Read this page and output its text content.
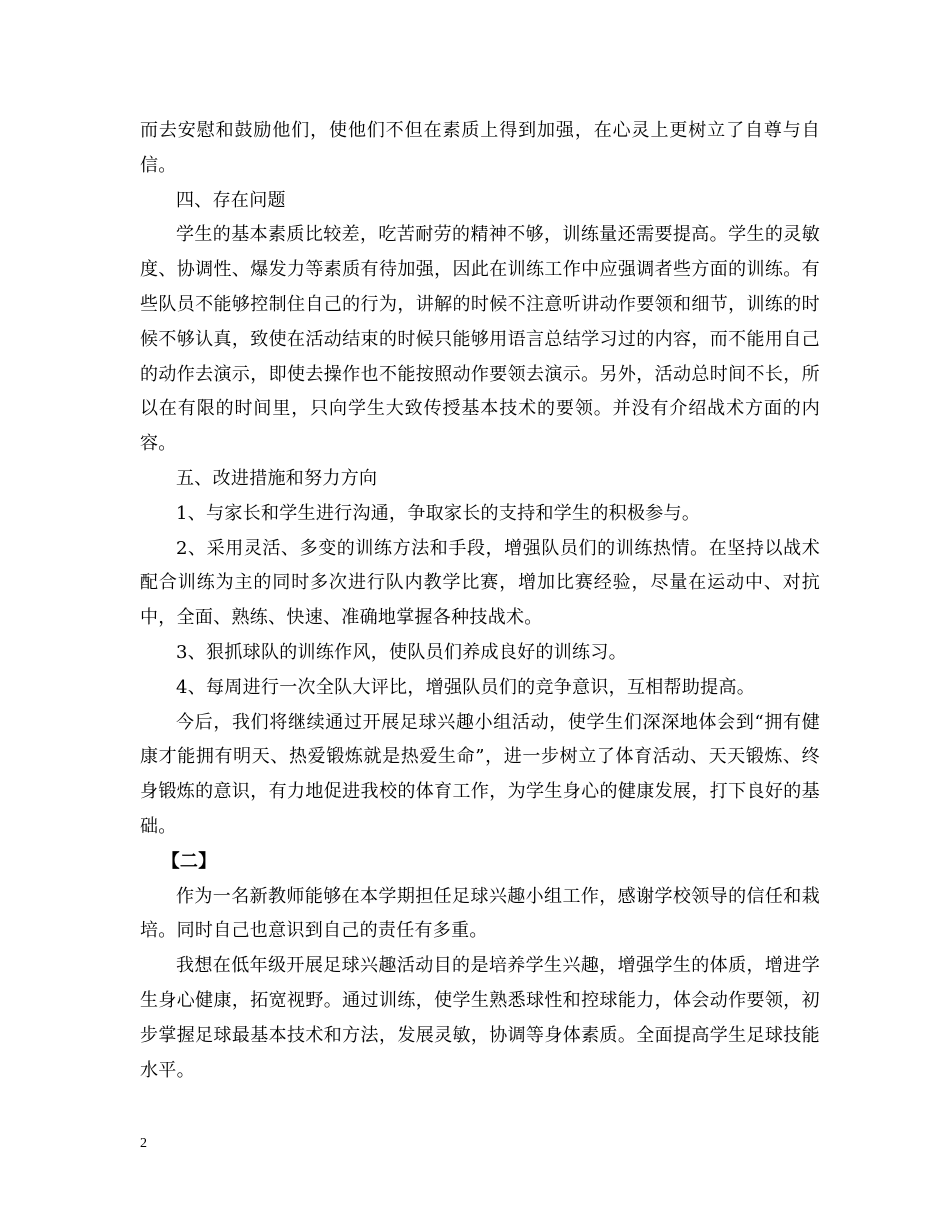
而去安慰和鼓励他们，使他们不但在素质上得到加强，在心灵上更树立了自尊与自信。

四、存在问题

学生的基本素质比较差，吃苦耐劳的精神不够，训练量还需要提高。学生的灵敏度、协调性、爆发力等素质有待加强，因此在训练工作中应强调者些方面的训练。有些队员不能够控制住自己的行为，讲解的时候不注意听讲动作要领和细节，训练的时候不够认真，致使在活动结束的时候只能够用语言总结学习过的内容，而不能用自己的动作去演示，即使去操作也不能按照动作要领去演示。另外，活动总时间不长，所以在有限的时间里，只向学生大致传授基本技术的要领。并没有介绍战术方面的内容。

五、改进措施和努力方向

1、与家长和学生进行沟通，争取家长的支持和学生的积极参与。

2、采用灵活、多变的训练方法和手段，增强队员们的训练热情。在坚持以战术配合训练为主的同时多次进行队内教学比赛，增加比赛经验，尽量在运动中、对抗中，全面、熟练、快速、准确地掌握各种技战术。

3、狠抓球队的训练作风，使队员们养成良好的训练习。

4、每周进行一次全队大评比，增强队员们的竞争意识，互相帮助提高。

今后，我们将继续通过开展足球兴趣小组活动，使学生们深深地体会到“拥有健康才能拥有明天、热爱锻炼就是热爱生命”，进一步树立了体育活动、天天锻炼、终身锻炼的意识，有力地促进我校的体育工作，为学生身心的健康发展，打下良好的基础。

【二】

作为一名新教师能够在本学期担任足球兴趣小组工作，感谢学校领导的信任和栽培。同时自己也意识到自己的责任有多重。

我想在低年级开展足球兴趣活动目的是培养学生兴趣，增强学生的体质，增进学生身心健康，拓宽视野。通过训练，使学生熟悉球性和控球能力，体会动作要领，初步掌握足球最基本技术和方法，发展灵敏，协调等身体素质。全面提高学生足球技能水平。

2
